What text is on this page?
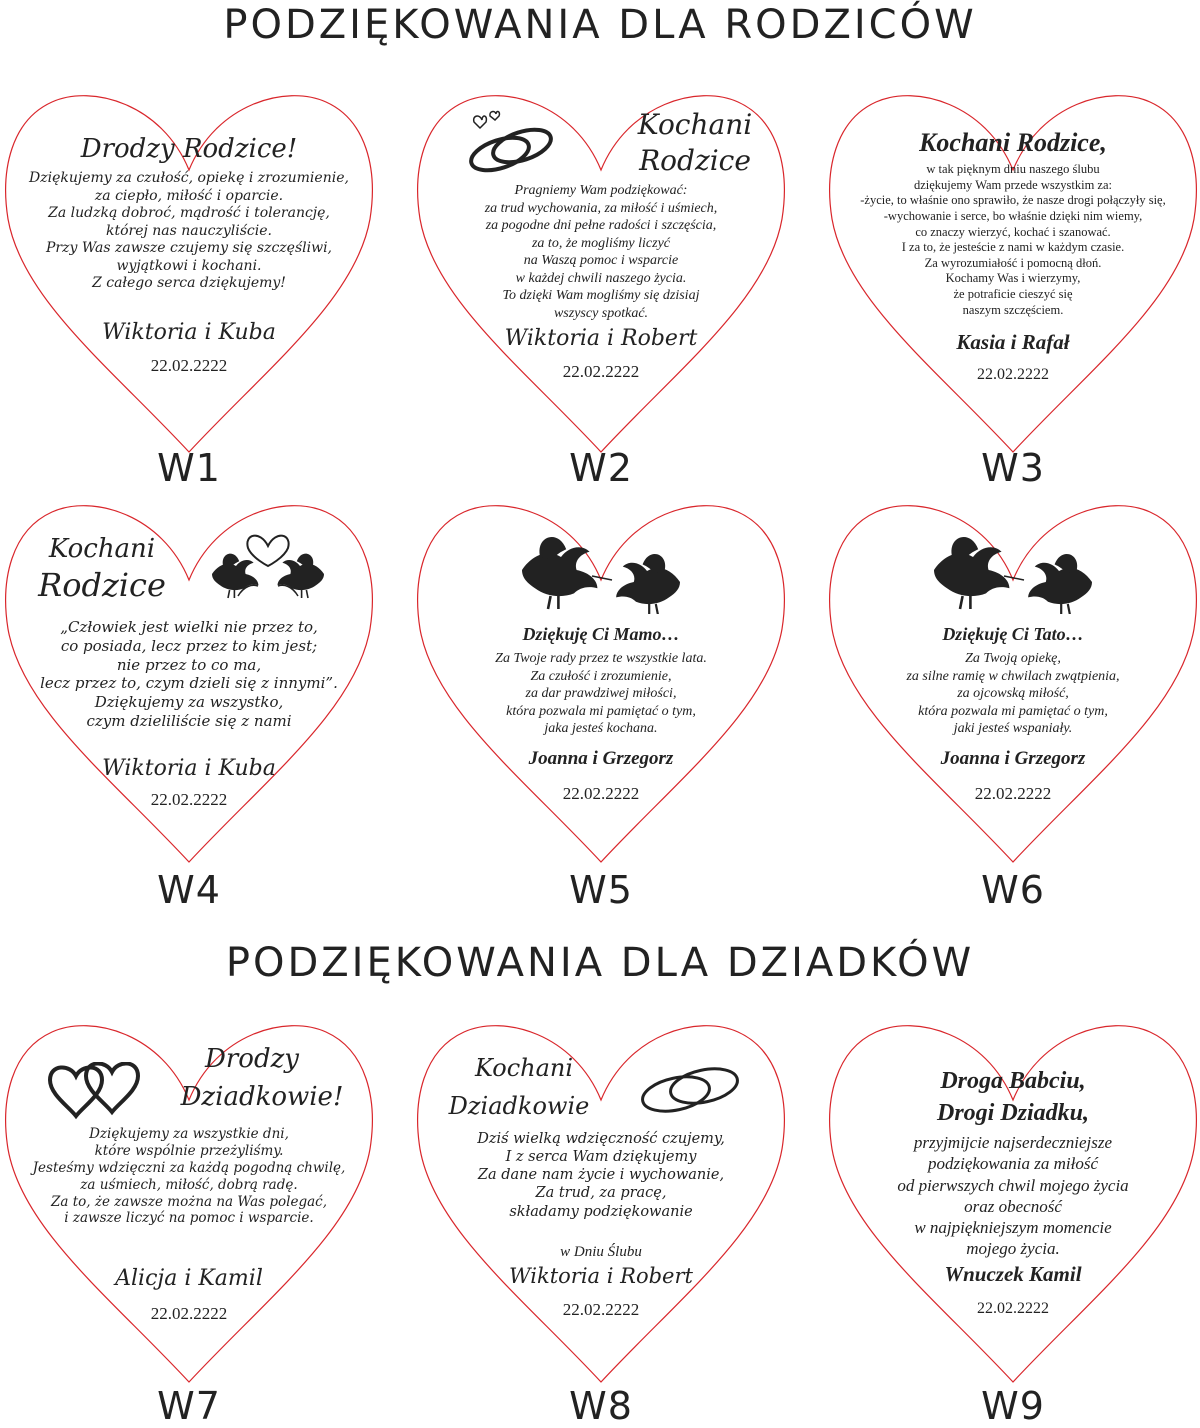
PODZIĘKOWANIA DLA RODZICÓW
PODZIĘKOWANIA DLA DZIADKÓW
Drodzy Rodzice!
Dziękujemy za czułość, opiekę i zrozumienie,
za ciepło, miłość i oparcie.
Za ludzką dobroć, mądrość i tolerancję,
której nas nauczyliście.
Przy Was zawsze czujemy się szczęśliwi,
wyjątkowi i kochani.
Z całego serca dziękujemy!
Wiktoria i Kuba
22.02.2222
W1
Kochani
Rodzice
Pragniemy Wam podziękować:
za trud wychowania, za miłość i uśmiech,
za pogodne dni pełne radości i szczęścia,
za to, że mogliśmy liczyć
na Waszą pomoc i wsparcie
w każdej chwili naszego życia.
To dzięki Wam mogliśmy się dzisiaj
wszyscy spotkać.
Wiktoria i Robert
22.02.2222
W2
Kochani Rodzice,
w tak pięknym dniu naszego ślubu
dziękujemy Wam przede wszystkim za:
-życie, to właśnie ono sprawiło, że nasze drogi połączyły się,
-wychowanie i serce, bo właśnie dzięki nim wiemy,
co znaczy wierzyć, kochać i szanować.
I za to, że jesteście z nami w każdym czasie.
Za wyrozumiałość i pomocną dłoń.
Kochamy Was i wierzymy,
że potraficie cieszyć się
naszym szczęściem.
Kasia i Rafał
22.02.2222
W3
Kochani
Rodzice
„Człowiek jest wielki nie przez to,
co posiada, lecz przez to kim jest;
nie przez to co ma,
lecz przez to, czym dzieli się z innymi”.
Dziękujemy za wszystko,
czym dzieliliście się z nami
Wiktoria i Kuba
22.02.2222
W4
Dziękuję Ci Mamo…
Za Twoje rady przez te wszystkie lata.
Za czułość i zrozumienie,
za dar prawdziwej miłości,
która pozwala mi pamiętać o tym,
jaka jesteś kochana.
Joanna i Grzegorz
22.02.2222
W5
Dziękuję Ci Tato…
Za Twoją opiekę,
za silne ramię w chwilach zwątpienia,
za ojcowską miłość,
która pozwala mi pamiętać o tym,
jaki jesteś wspaniały.
Joanna i Grzegorz
22.02.2222
W6
Drodzy
Dziadkowie!
Dziękujemy za wszystkie dni,
które wspólnie przeżyliśmy.
Jesteśmy wdzięczni za każdą pogodną chwilę,
za uśmiech, miłość, dobrą radę.
Za to, że zawsze można na Was polegać,
i zawsze liczyć na pomoc i wsparcie.
Alicja i Kamil
22.02.2222
W7
Kochani
Dziadkowie
Dziś wielką wdzięczność czujemy,
I z serca Wam dziękujemy
Za dane nam życie i wychowanie,
Za trud, za pracę,
składamy podziękowanie
w Dniu Ślubu
Wiktoria i Robert
22.02.2222
W8
Droga Babciu,
Drogi Dziadku,
przyjmijcie najserdeczniejsze
podziękowania za miłość
od pierwszych chwil mojego życia
oraz obecność
w najpiękniejszym momencie
mojego życia.
Wnuczek Kamil
22.02.2222
W9
